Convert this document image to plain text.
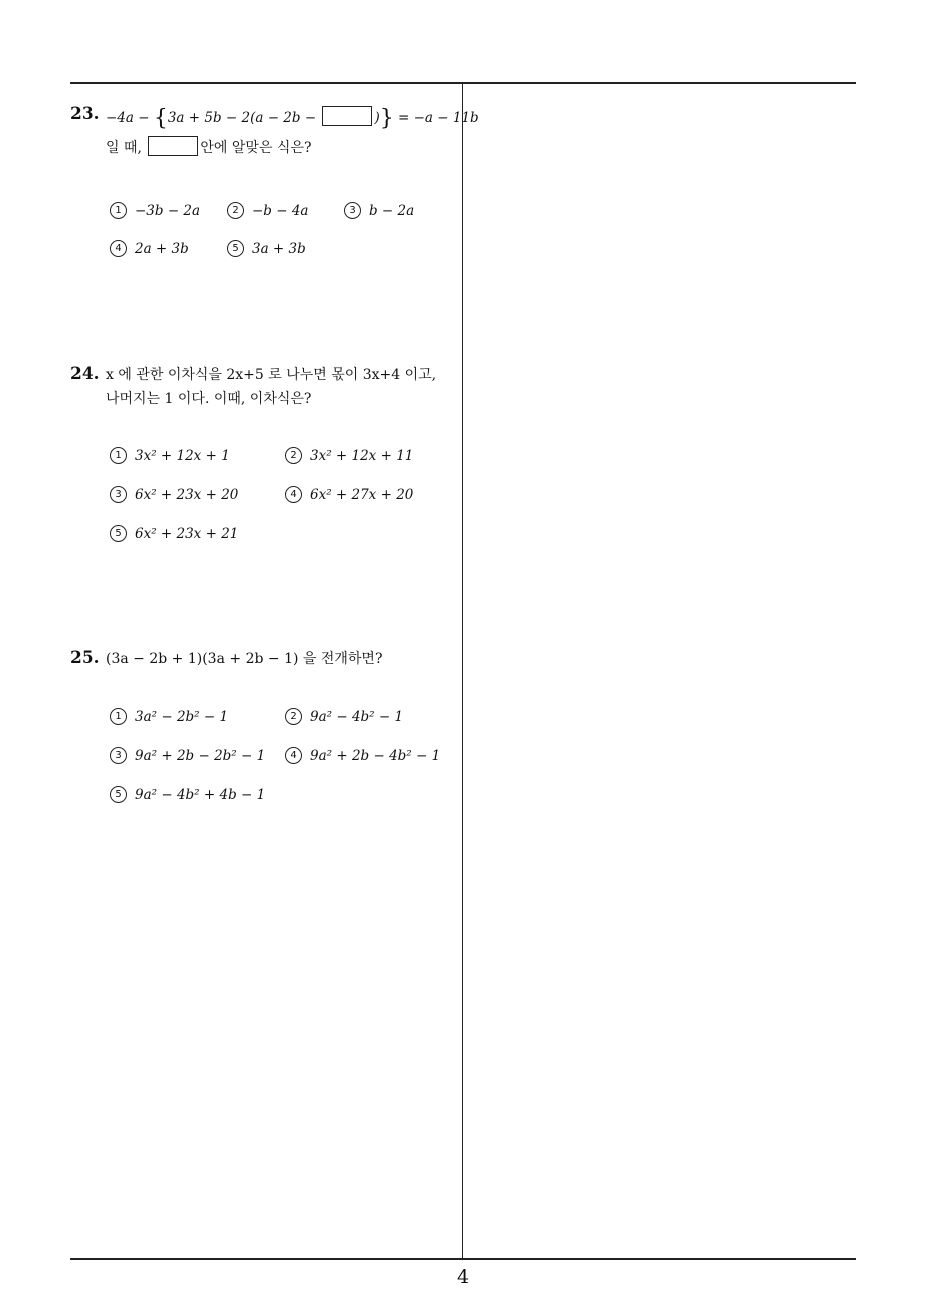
23. −4a − {3a + 5b − 2(a − 2b −	)} = −a − 11b
일 때,	안에 알맞은 식은?
1 −3b − 2a	2 −b − 4a	3 b − 2a
4 2a + 3b	5 3a + 3b
24. x 에 관한 이차식을 2x+5 로 나누면 몫이 3x+4 이고,
나머지는 1 이다. 이때, 이차식은?
1 3x² + 12x + 1	2 3x² + 12x + 11
3 6x² + 23x + 20	4 6x² + 27x + 20
5 6x² + 23x + 21
25. (3a − 2b + 1)(3a + 2b − 1) 을 전개하면?
1 3a² − 2b² − 1	2 9a² − 4b² − 1
3 9a² + 2b − 2b² − 1	4 9a² + 2b − 4b² − 1
5 9a² − 4b² + 4b − 1
4
